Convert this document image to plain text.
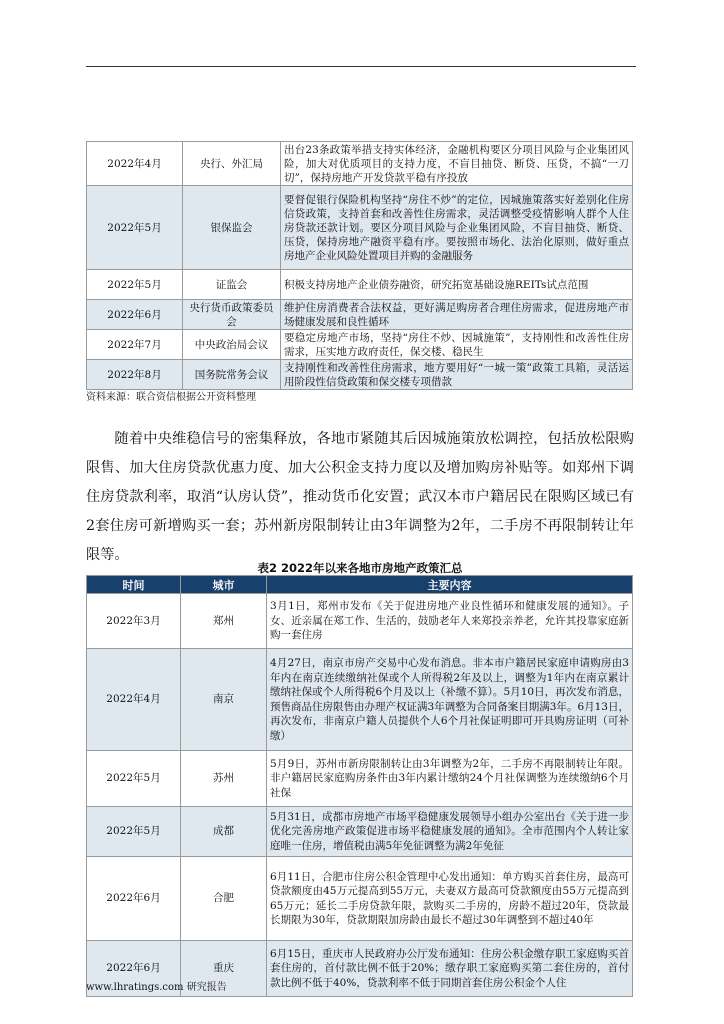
2022年4月	央行、外汇局	出台23条政策举措支持实体经济，金融机构要区分项目风险与企业集团风险，加大对优质项目的支持力度，不盲目抽贷、断贷、压贷，不搞“一刀切”，保持房地产开发贷款平稳有序投放
2022年5月	银保监会	要督促银行保险机构坚持“房住不炒”的定位，因城施策落实好差别化住房信贷政策，支持首套和改善性住房需求，灵活调整受疫情影响人群个人住房贷款还款计划。要区分项目风险与企业集团风险，不盲目抽贷、断贷、压贷，保持房地产融资平稳有序。要按照市场化、法治化原则，做好重点房地产企业风险处置项目并购的金融服务
2022年5月	证监会	积极支持房地产企业债券融资，研究拓宽基础设施REITs试点范围
2022年6月	央行货币政策委员会	维护住房消费者合法权益，更好满足购房者合理住房需求，促进房地产市场健康发展和良性循环
2022年7月	中央政治局会议	要稳定房地产市场，坚持“房住不炒、因城施策”，支持刚性和改善性住房需求，压实地方政府责任，保交楼、稳民生
2022年8月	国务院常务会议	支持刚性和改善性住房需求，地方要用好“一城一策”政策工具箱，灵活运用阶段性信贷政策和保交楼专项借款
资料来源：联合资信根据公开资料整理

随着中央维稳信号的密集释放，各地市紧随其后因城施策放松调控，包括放松限购限售、加大住房贷款优惠力度、加大公积金支持力度以及增加购房补贴等。如郑州下调住房贷款利率，取消“认房认贷”，推动货币化安置；武汉本市户籍居民在限购区域已有2套住房可新增购买一套；苏州新房限制转让由3年调整为2年，二手房不再限制转让年限等。

表2 2022年以来各地市房地产政策汇总
时间	城市	主要内容
2022年3月	郑州	3月1日，郑州市发布《关于促进房地产业良性循环和健康发展的通知》。子女、近亲属在郑工作、生活的，鼓励老年人来郑投亲养老，允许其投靠家庭新购一套住房
2022年4月	南京	4月27日，南京市房产交易中心发布消息。非本市户籍居民家庭申请购房由3年内在南京连续缴纳社保或个人所得税2年及以上，调整为1年内在南京累计缴纳社保或个人所得税6个月及以上（补缴不算）。5月10日，再次发布消息，预售商品住房限售由办理产权证满3年调整为合同备案目期满3年。6月13日，再次发布，非南京户籍人员提供个人6个月社保证明即可开具购房证明（可补缴）
2022年5月	苏州	5月9日，苏州市新房限制转让由3年调整为2年，二手房不再限制转让年限。非户籍居民家庭购房条件由3年内累计缴纳24个月社保调整为连续缴纳6个月社保
2022年5月	成都	5月31日，成都市房地产市场平稳健康发展领导小组办公室出台《关于进一步优化完善房地产政策促进市场平稳健康发展的通知》。全市范围内个人转让家庭唯一住房，增值税由满5年免征调整为满2年免征
2022年6月	合肥	6月11日，合肥市住房公积金管理中心发出通知：单方购买首套住房，最高可贷款额度由45万元提高到55万元，夫妻双方最高可贷款额度由55万元提高到65万元；延长二手房贷款年限，款购买二手房的，房龄不超过20年，贷款最长期限为30年，贷款期限加房龄由最长不超过30年调整到不超过40年
2022年6月	重庆	6月15日，重庆市人民政府办公厅发布通知：住房公积金缴存职工家庭购买首套住房的，首付款比例不低于20%；缴存职工家庭购买第二套住房的，首付款比例不低于40%，贷款利率不低于同期首套住房公积金个人住
www.lhratings.com 研究报告
